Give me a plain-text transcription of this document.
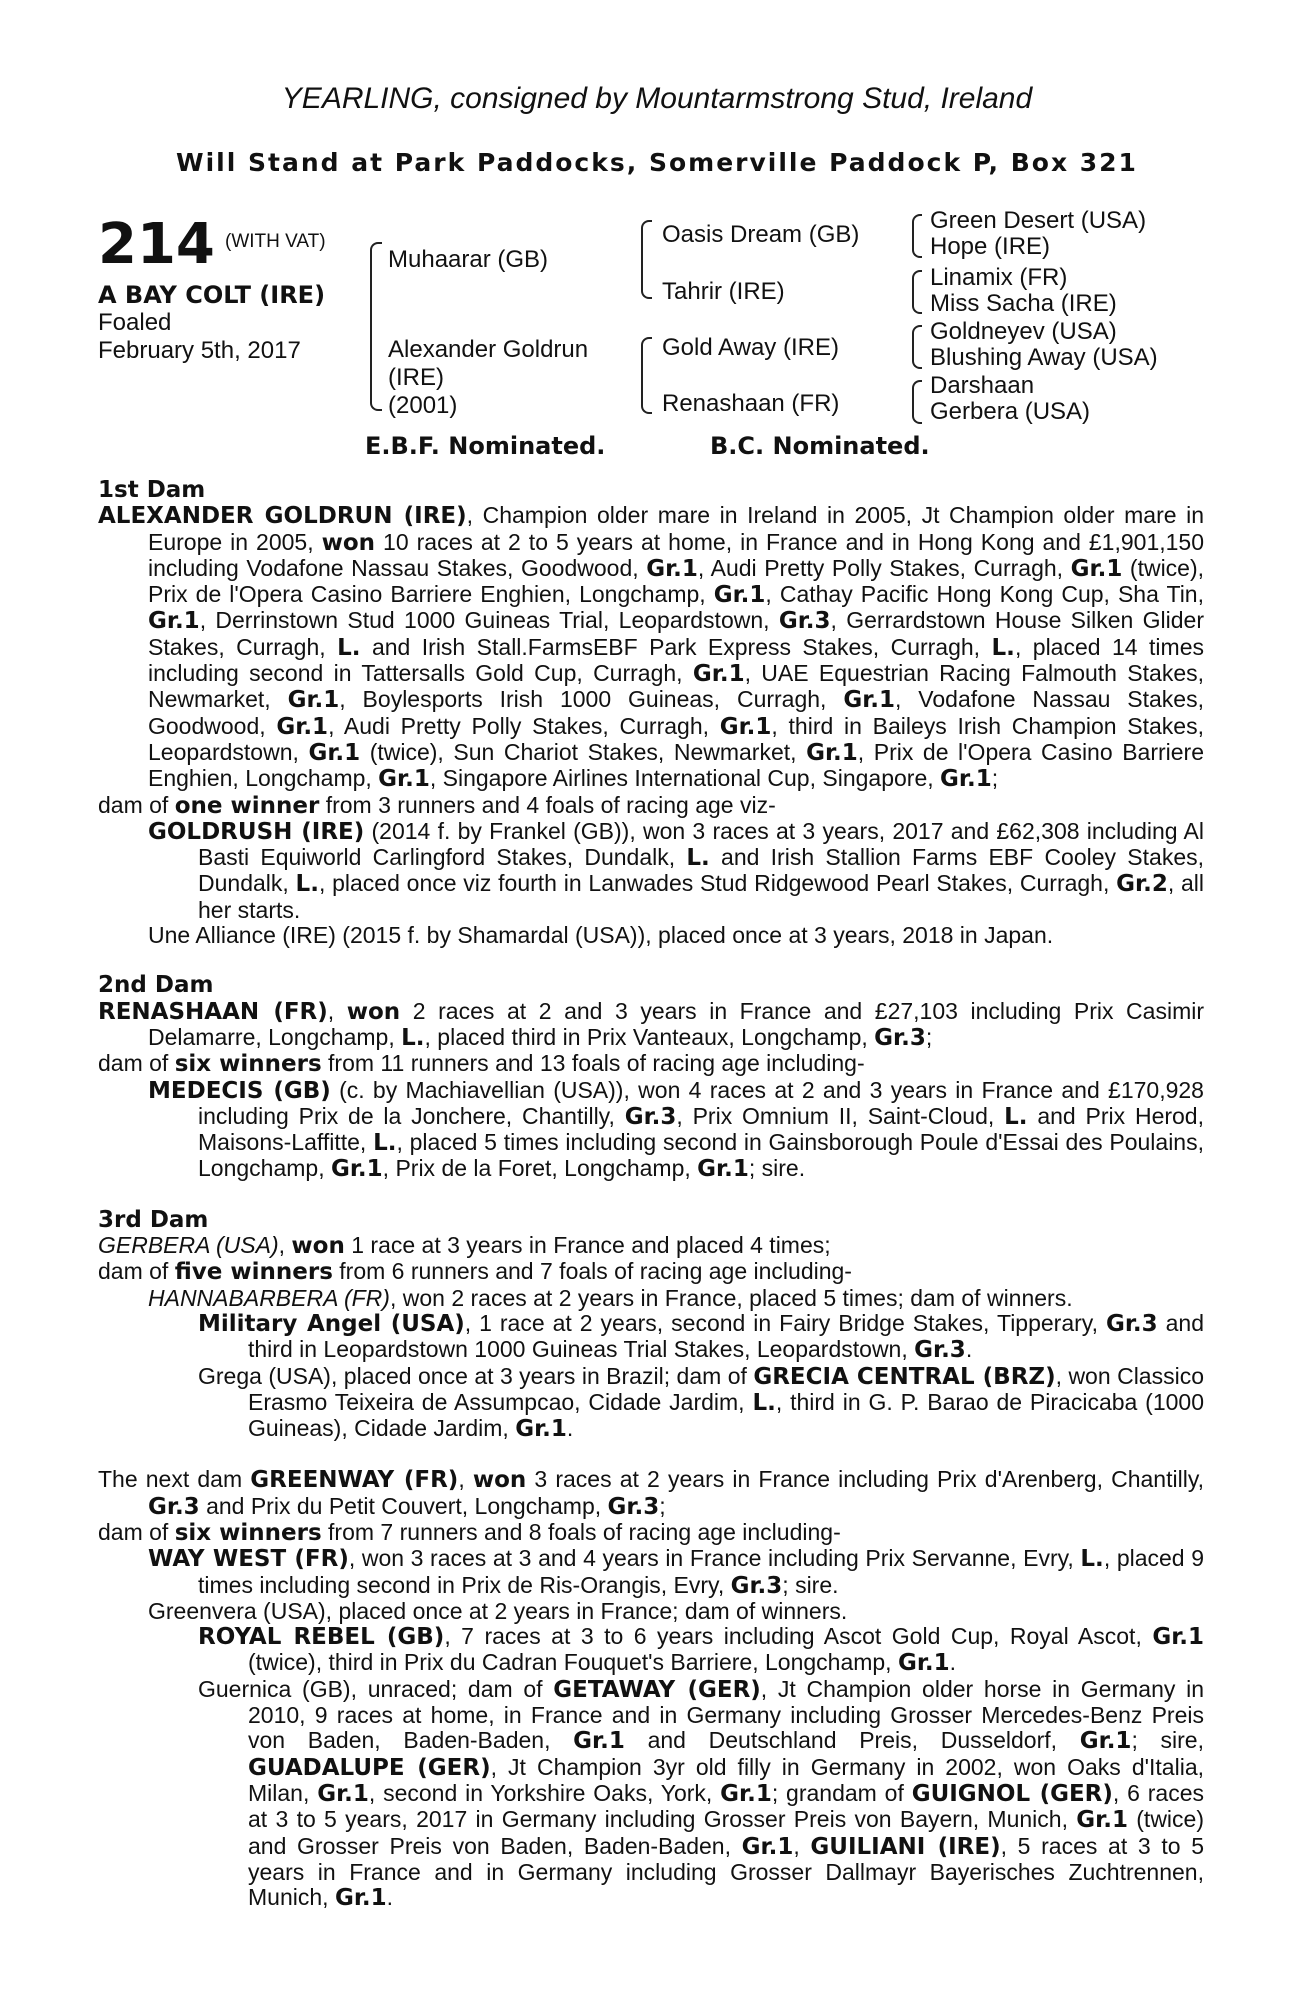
YEARLING, consigned by Mountarmstrong Stud, Ireland
Will Stand at Park Paddocks, Somerville Paddock P, Box 321
214 (WITH VAT)
A BAY COLT (IRE)
Foaled
February 5th, 2017
Muhaarar (GB)
Alexander Goldrun
(IRE)
(2001)
Oasis Dream (GB)
Tahrir (IRE)
Gold Away (IRE)
Renashaan (FR)
Green Desert (USA)
Hope (IRE)
Linamix (FR)
Miss Sacha (IRE)
Goldneyev (USA)
Blushing Away (USA)
Darshaan
Gerbera (USA)
E.B.F. Nominated.	B.C. Nominated.
1st Dam

ALEXANDER GOLDRUN (IRE), Champion older mare in Ireland in 2005, Jt Champion older mare in Europe in 2005, won 10 races at 2 to 5 years at home, in France and in Hong Kong and £1,901,150 including Vodafone Nassau Stakes, Goodwood, Gr.1, Audi Pretty Polly Stakes, Curragh, Gr.1 (twice), Prix de l'Opera Casino Barriere Enghien, Longchamp, Gr.1, Cathay Pacific Hong Kong Cup, Sha Tin, Gr.1, Derrinstown Stud 1000 Guineas Trial, Leopardstown, Gr.3, Gerrardstown House Silken Glider Stakes, Curragh, L. and Irish Stall.FarmsEBF Park Express Stakes, Curragh, L., placed 14 times including second in Tattersalls Gold Cup, Curragh, Gr.1, UAE Equestrian Racing Falmouth Stakes, Newmarket, Gr.1, Boylesports Irish 1000 Guineas, Curragh, Gr.1, Vodafone Nassau Stakes, Goodwood, Gr.1, Audi Pretty Polly Stakes, Curragh, Gr.1, third in Baileys Irish Champion Stakes, Leopardstown, Gr.1 (twice), Sun Chariot Stakes, Newmarket, Gr.1, Prix de l'Opera Casino Barriere Enghien, Longchamp, Gr.1, Singapore Airlines International Cup, Singapore, Gr.1;

dam of one winner from 3 runners and 4 foals of racing age viz-

GOLDRUSH (IRE) (2014 f. by Frankel (GB)), won 3 races at 3 years, 2017 and £62,308 including Al Basti Equiworld Carlingford Stakes, Dundalk, L. and Irish Stallion Farms EBF Cooley Stakes, Dundalk, L., placed once viz fourth in Lanwades Stud Ridgewood Pearl Stakes, Curragh, Gr.2, all her starts.

Une Alliance (IRE) (2015 f. by Shamardal (USA)), placed once at 3 years, 2018 in Japan.

2nd Dam

RENASHAAN (FR), won 2 races at 2 and 3 years in France and £27,103 including Prix Casimir Delamarre, Longchamp, L., placed third in Prix Vanteaux, Longchamp, Gr.3;

dam of six winners from 11 runners and 13 foals of racing age including-

MEDECIS (GB) (c. by Machiavellian (USA)), won 4 races at 2 and 3 years in France and £170,928 including Prix de la Jonchere, Chantilly, Gr.3, Prix Omnium II, Saint-Cloud, L. and Prix Herod, Maisons-Laffitte, L., placed 5 times including second in Gainsborough Poule d'Essai des Poulains, Longchamp, Gr.1, Prix de la Foret, Longchamp, Gr.1; sire.

3rd Dam

GERBERA (USA), won 1 race at 3 years in France and placed 4 times;

dam of five winners from 6 runners and 7 foals of racing age including-

HANNABARBERA (FR), won 2 races at 2 years in France, placed 5 times; dam of winners.

Military Angel (USA), 1 race at 2 years, second in Fairy Bridge Stakes, Tipperary, Gr.3 and third in Leopardstown 1000 Guineas Trial Stakes, Leopardstown, Gr.3.

Grega (USA), placed once at 3 years in Brazil; dam of GRECIA CENTRAL (BRZ), won Classico Erasmo Teixeira de Assumpcao, Cidade Jardim, L., third in G. P. Barao de Piracicaba (1000 Guineas), Cidade Jardim, Gr.1.

The next dam GREENWAY (FR), won 3 races at 2 years in France including Prix d'Arenberg, Chantilly, Gr.3 and Prix du Petit Couvert, Longchamp, Gr.3;

dam of six winners from 7 runners and 8 foals of racing age including-

WAY WEST (FR), won 3 races at 3 and 4 years in France including Prix Servanne, Evry, L., placed 9 times including second in Prix de Ris-Orangis, Evry, Gr.3; sire.

Greenvera (USA), placed once at 2 years in France; dam of winners.

ROYAL REBEL (GB), 7 races at 3 to 6 years including Ascot Gold Cup, Royal Ascot, Gr.1 (twice), third in Prix du Cadran Fouquet's Barriere, Longchamp, Gr.1.

Guernica (GB), unraced; dam of GETAWAY (GER), Jt Champion older horse in Germany in 2010, 9 races at home, in France and in Germany including Grosser Mercedes-Benz Preis von Baden, Baden-Baden, Gr.1 and Deutschland Preis, Dusseldorf, Gr.1; sire, GUADALUPE (GER), Jt Champion 3yr old filly in Germany in 2002, won Oaks d'Italia, Milan, Gr.1, second in Yorkshire Oaks, York, Gr.1; grandam of GUIGNOL (GER), 6 races at 3 to 5 years, 2017 in Germany including Grosser Preis von Bayern, Munich, Gr.1 (twice) and Grosser Preis von Baden, Baden-Baden, Gr.1, GUILIANI (IRE), 5 races at 3 to 5 years in France and in Germany including Grosser Dallmayr Bayerisches Zuchtrennen, Munich, Gr.1.
